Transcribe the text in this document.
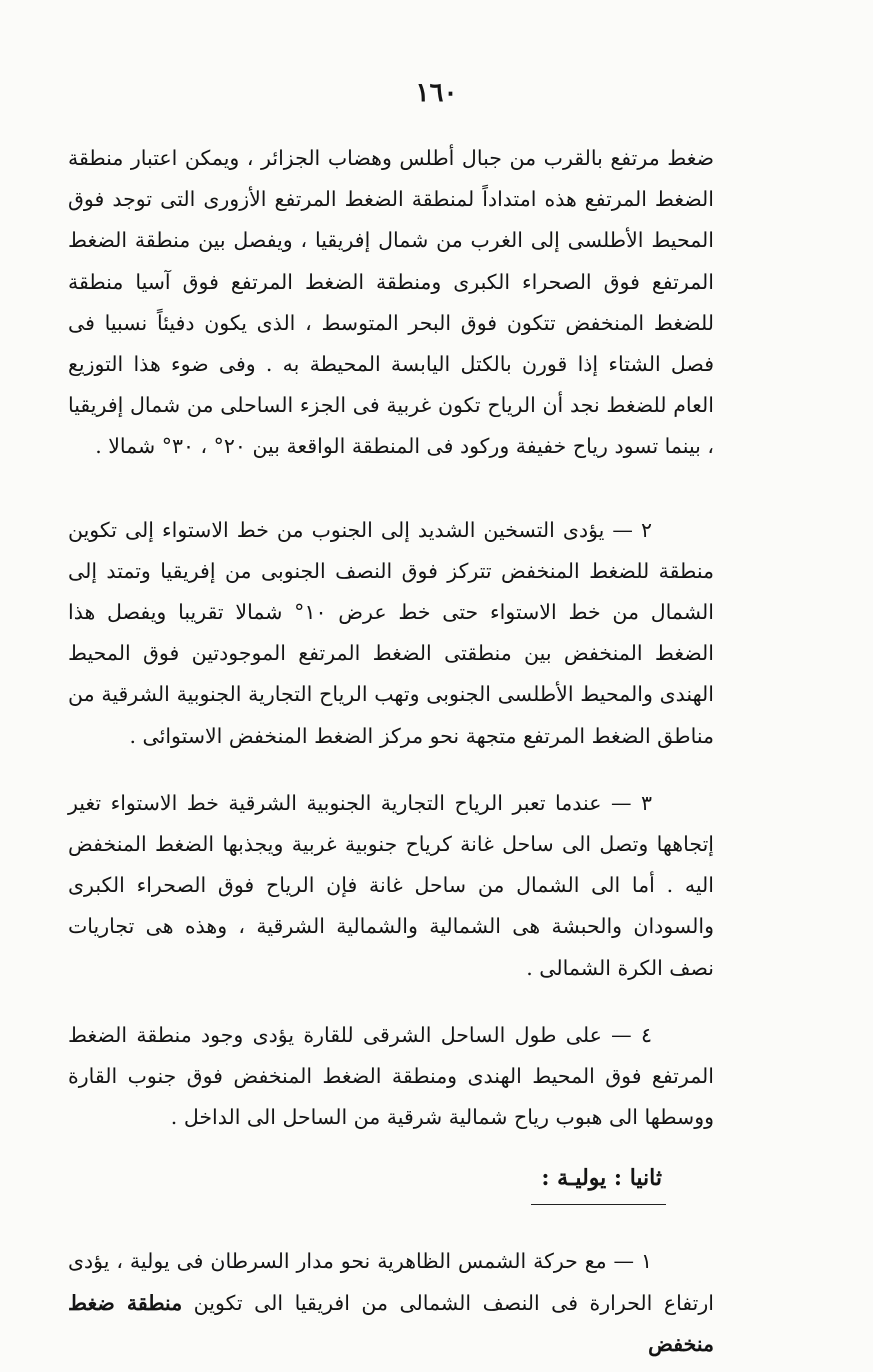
١٦٠

ضغط مرتفع بالقرب من جبال أطلس وهضاب الجزائر ، ويمكن اعتبار منطقة الضغط المرتفع هذه امتداداً لمنطقة الضغط المرتفع الأزورى التى توجد فوق المحيط الأطلسى إلى الغرب من شمال إفريقيا ، ويفصل بين منطقة الضغط المرتفع فوق الصحراء الكبرى ومنطقة الضغط المرتفع فوق آسيا منطقة للضغط المنخفض تتكون فوق البحر المتوسط ، الذى يكون دفيئاً نسبيا فى فصل الشتاء إذا قورن بالكتل اليابسة المحيطة به . وفى ضوء هذا التوزيع العام للضغط نجد أن الرياح تكون غربية فى الجزء الساحلى من شمال إفريقيا ، بينما تسود رياح خفيفة وركود فى المنطقة الواقعة بين ٢٠° ، ٣٠° شمالا .

٢ — يؤدى التسخين الشديد إلى الجنوب من خط الاستواء إلى تكوين منطقة للضغط المنخفض تتركز فوق النصف الجنوبى من إفريقيا وتمتد إلى الشمال من خط الاستواء حتى خط عرض ١٠° شمالا تقريبا ويفصل هذا الضغط المنخفض بين منطقتى الضغط المرتفع الموجودتين فوق المحيط الهندى والمحيط الأطلسى الجنوبى وتهب الرياح التجارية الجنوبية الشرقية من مناطق الضغط المرتفع متجهة نحو مركز الضغط المنخفض الاستوائى .

٣ — عندما تعبر الرياح التجارية الجنوبية الشرقية خط الاستواء تغير إتجاهها وتصل الى ساحل غانة كرياح جنوبية غربية ويجذبها الضغط المنخفض اليه . أما الى الشمال من ساحل غانة فإن الرياح فوق الصحراء الكبرى والسودان والحبشة هى الشمالية والشمالية الشرقية ، وهذه هى تجاريات نصف الكرة الشمالى .

٤ — على طول الساحل الشرقى للقارة يؤدى وجود منطقة الضغط المرتفع فوق المحيط الهندى ومنطقة الضغط المنخفض فوق جنوب القارة ووسطها الى هبوب رياح شمالية شرقية من الساحل الى الداخل .

ثانيا : يوليـة :

١ — مع حركة الشمس الظاهرية نحو مدار السرطان فى يولية ، يؤدى ارتفاع الحرارة فى النصف الشمالى من افريقيا الى تكوين منطقة ضغط منخفض
